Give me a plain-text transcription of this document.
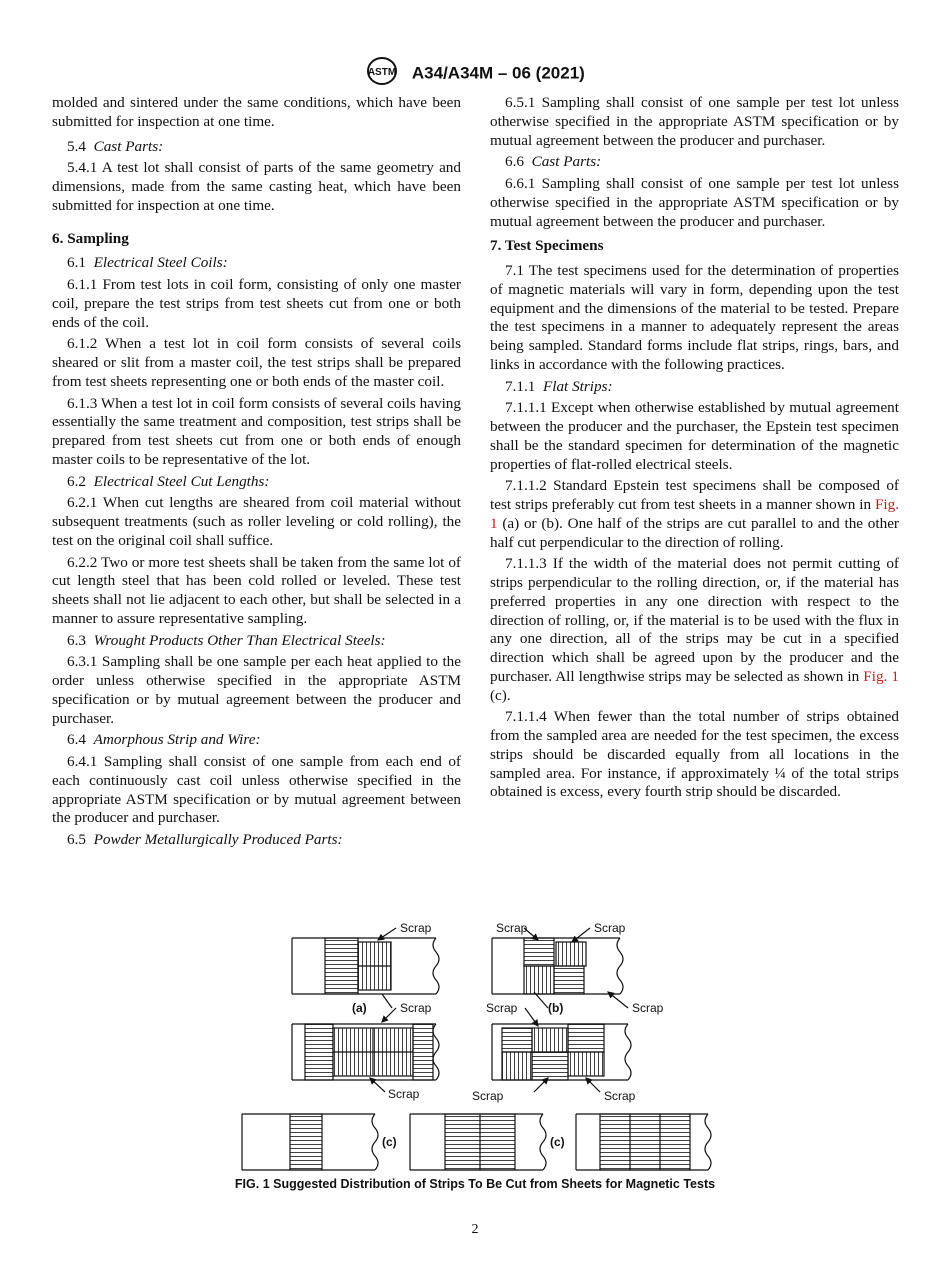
ASTM A34/A34M – 06 (2021)

molded and sintered under the same conditions, which have been submitted for inspection at one time.

5.4 Cast Parts:

5.4.1 A test lot shall consist of parts of the same geometry and dimensions, made from the same casting heat, which have been submitted for inspection at one time.

6. Sampling

6.1 Electrical Steel Coils:

6.1.1 From test lots in coil form, consisting of only one master coil, prepare the test strips from test sheets cut from one or both ends of the coil.

6.1.2 When a test lot in coil form consists of several coils sheared or slit from a master coil, the test strips shall be prepared from test sheets representing one or both ends of the master coil.

6.1.3 When a test lot in coil form consists of several coils having essentially the same treatment and composition, test strips shall be prepared from test sheets cut from one or both ends of enough master coils to be representative of the lot.

6.2 Electrical Steel Cut Lengths:

6.2.1 When cut lengths are sheared from coil material without subsequent treatments (such as roller leveling or cold rolling), the test on the original coil shall suffice.

6.2.2 Two or more test sheets shall be taken from the same lot of cut length steel that has been cold rolled or leveled. These test sheets shall not lie adjacent to each other, but shall be selected in a manner to assure representative sampling.

6.3 Wrought Products Other Than Electrical Steels:

6.3.1 Sampling shall be one sample per each heat applied to the order unless otherwise specified in the appropriate ASTM specification or by mutual agreement between the producer and purchaser.

6.4 Amorphous Strip and Wire:

6.4.1 Sampling shall consist of one sample from each end of each continuously cast coil unless otherwise specified in the appropriate ASTM specification or by mutual agreement between the producer and purchaser.

6.5 Powder Metallurgically Produced Parts:

6.5.1 Sampling shall consist of one sample per test lot unless otherwise specified in the appropriate ASTM specification or by mutual agreement between the producer and purchaser.

6.6 Cast Parts:

6.6.1 Sampling shall consist of one sample per test lot unless otherwise specified in the appropriate ASTM specification or by mutual agreement between the producer and purchaser.

7. Test Specimens

7.1 The test specimens used for the determination of properties of magnetic materials will vary in form, depending upon the test equipment and the dimensions of the material to be tested. Prepare the test specimens in a manner to adequately represent the areas being sampled. Standard forms include flat strips, rings, bars, and links in accordance with the following practices.

7.1.1 Flat Strips:

7.1.1.1 Except when otherwise established by mutual agreement between the producer and the purchaser, the Epstein test specimen shall be the standard specimen for determination of the magnetic properties of flat-rolled electrical steels.

7.1.1.2 Standard Epstein test specimens shall be composed of test strips preferably cut from test sheets in a manner shown in Fig. 1 (a) or (b). One half of the strips are cut parallel to and the other half cut perpendicular to the direction of rolling.

7.1.1.3 If the width of the material does not permit cutting of strips perpendicular to the rolling direction, or, if the material has preferred properties in any one direction with respect to the direction of rolling, or, if the material is to be used with the flux in any one direction, all of the strips may be cut in a specified direction which shall be agreed upon by the producer and the purchaser. All lengthwise strips may be selected as shown in Fig. 1 (c).

7.1.1.4 When fewer than the total number of strips obtained from the sampled area are needed for the test specimen, the excess strips should be discarded equally from all locations in the sampled area. For instance, if approximately ¼ of the total strips obtained is excess, every fourth strip should be discarded.

Scrap
Scrap
Scrap
Scrap	Scrap
Scrap	Scrap
Scrap	Scrap
(a)	(b)
(c)	(c)
FIG. 1 Suggested Distribution of Strips To Be Cut from Sheets for Magnetic Tests
2
